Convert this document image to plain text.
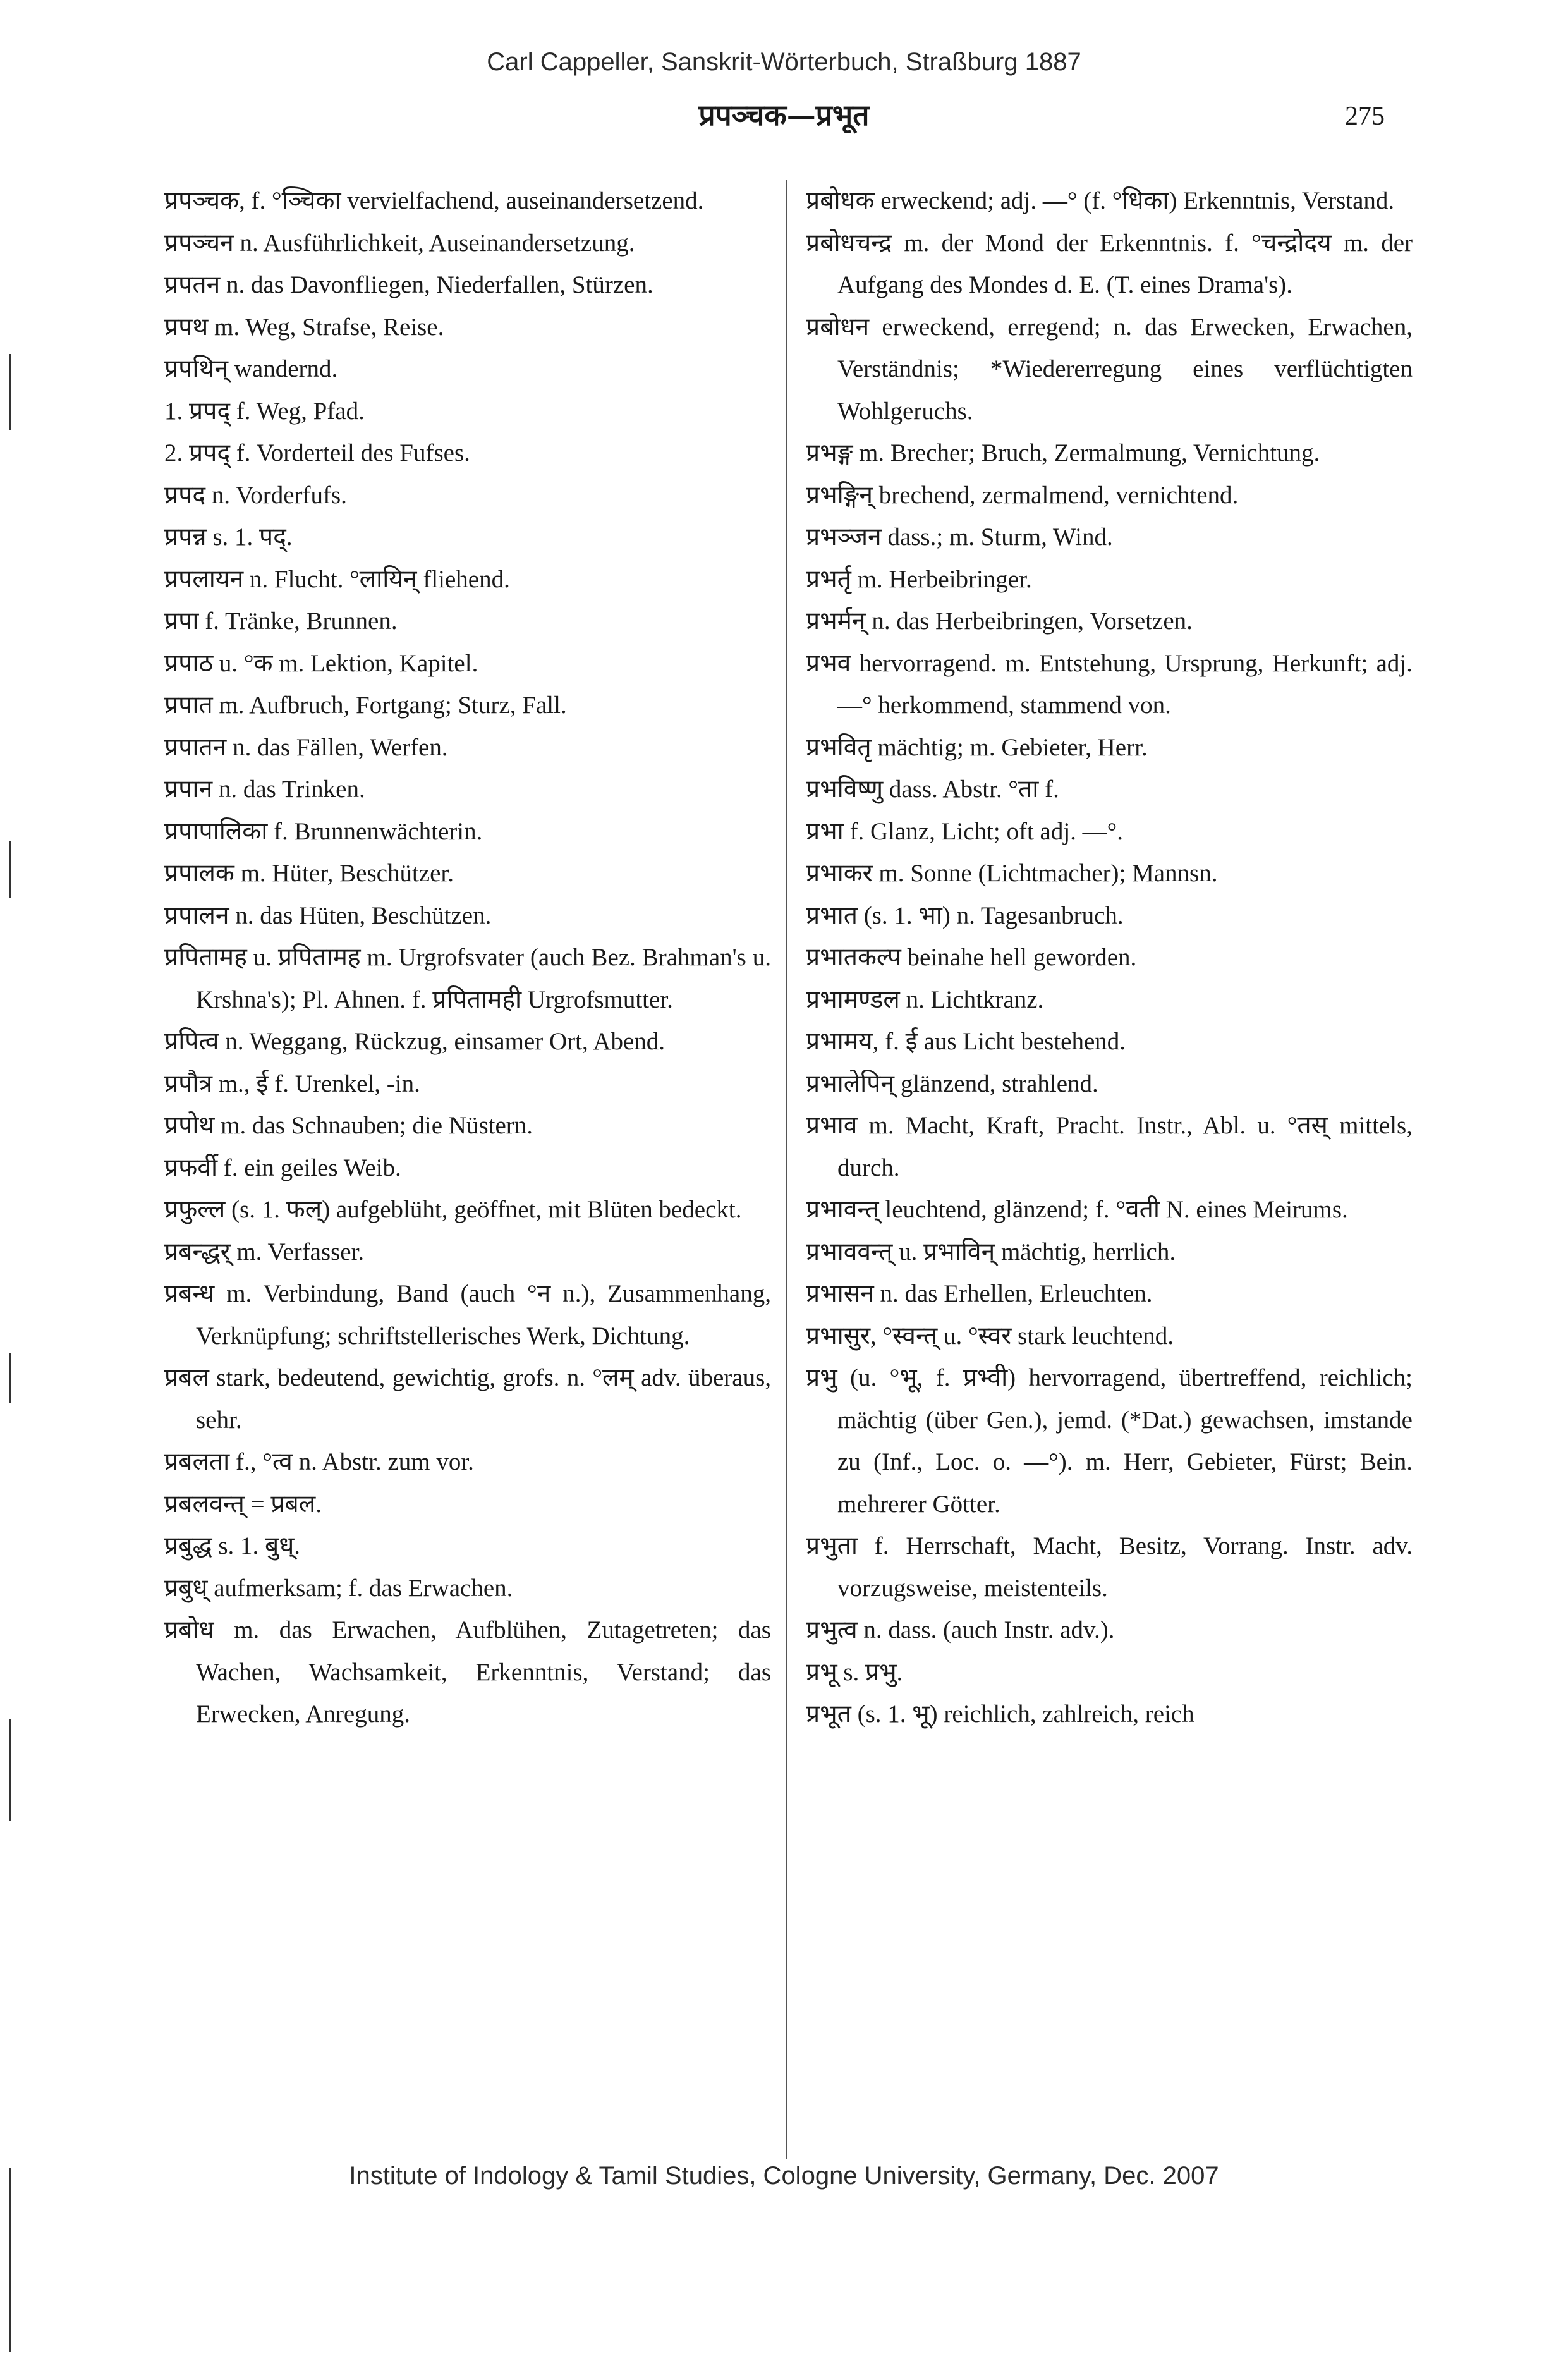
Carl Cappeller, Sanskrit-Wörterbuch, Straßburg 1887
प्रपञ्चक—प्रभूत	275

प्रपञ्चक, f. °ञ्चिका vervielfachend, auseinandersetzend.

प्रपञ्चन n. Ausführlichkeit, Auseinandersetzung.

प्रपतन n. das Davonfliegen, Niederfallen, Stürzen.

प्रपथ m. Weg, Strafse, Reise.

प्रपथिन् wandernd.

1. प्रपद् f. Weg, Pfad.

2. प्रपद् f. Vorderteil des Fufses.

प्रपद n. Vorderfufs.

प्रपन्न s. 1. पद्.

प्रपलायन n. Flucht. °लायिन् fliehend.

प्रपा f. Tränke, Brunnen.

प्रपाठ u. °क m. Lektion, Kapitel.

प्रपात m. Aufbruch, Fortgang; Sturz, Fall.

प्रपातन n. das Fällen, Werfen.

प्रपान n. das Trinken.

प्रपापालिका f. Brunnenwächterin.

प्रपालक m. Hüter, Beschützer.

प्रपालन n. das Hüten, Beschützen.

प्रपितामह u. प्रपितामह m. Urgrofsvater (auch Bez. Brahman's u. Krshna's); Pl. Ahnen. f. प्रपितामही Urgrofsmutter.

प्रपित्व n. Weggang, Rückzug, einsamer Ort, Abend.

प्रपौत्र m., ई f. Urenkel, -in.

प्रपोथ m. das Schnauben; die Nüstern.

प्रफर्वी f. ein geiles Weib.

प्रफुल्ल (s. 1. फल्) aufgeblüht, geöffnet, mit Blüten bedeckt.

प्रबन्द्धर् m. Verfasser.

प्रबन्ध m. Verbindung, Band (auch °न n.), Zusammenhang, Verknüpfung; schriftstellerisches Werk, Dichtung.

प्रबल stark, bedeutend, gewichtig, grofs. n. °लम् adv. überaus, sehr.

प्रबलता f., °त्व n. Abstr. zum vor.

प्रबलवन्त् = प्रबल.

प्रबुद्ध s. 1. बुध्.

प्रबुध् aufmerksam; f. das Erwachen.

प्रबोध m. das Erwachen, Aufblühen, Zutagetreten; das Wachen, Wachsamkeit, Erkenntnis, Verstand; das Erwecken, Anregung.

प्रबोधक erweckend; adj. —° (f. °धिका) Erkenntnis, Verstand.

प्रबोधचन्द्र m. der Mond der Erkenntnis. f. °चन्द्रोदय m. der Aufgang des Mondes d. E. (T. eines Drama's).

प्रबोधन erweckend, erregend; n. das Erwecken, Erwachen, Verständnis; *Wiedererregung eines verflüchtigten Wohlgeruchs.

प्रभङ्ग m. Brecher; Bruch, Zermalmung, Vernichtung.

प्रभङ्गिन् brechend, zermalmend, vernichtend.

प्रभञ्जन dass.; m. Sturm, Wind.

प्रभर्तृ m. Herbeibringer.

प्रभर्मन् n. das Herbeibringen, Vorsetzen.

प्रभव hervorragend. m. Entstehung, Ursprung, Herkunft; adj.—° herkommend, stammend von.

प्रभवितृ mächtig; m. Gebieter, Herr.

प्रभविष्णु dass. Abstr. °ता f.

प्रभा f. Glanz, Licht; oft adj. —°.

प्रभाकर m. Sonne (Lichtmacher); Mannsn.

प्रभात (s. 1. भा) n. Tagesanbruch.

प्रभातकल्प beinahe hell geworden.

प्रभामण्डल n. Lichtkranz.

प्रभामय, f. ई aus Licht bestehend.

प्रभालेपिन् glänzend, strahlend.

प्रभाव m. Macht, Kraft, Pracht. Instr., Abl. u. °तस् mittels, durch.

प्रभावन्त् leuchtend, glänzend; f. °वती N. eines Meirums.

प्रभाववन्त् u. प्रभाविन् mächtig, herrlich.

प्रभासन n. das Erhellen, Erleuchten.

प्रभासुर, °स्वन्त् u. °स्वर stark leuchtend.

प्रभु (u. °भू, f. प्रभ्वी) hervorragend, übertreffend, reichlich; mächtig (über Gen.), jemd. (*Dat.) gewachsen, imstande zu (Inf., Loc. o. —°). m. Herr, Gebieter, Fürst; Bein. mehrerer Götter.

प्रभुता f. Herrschaft, Macht, Besitz, Vorrang. Instr. adv. vorzugsweise, meistenteils.

प्रभुत्व n. dass. (auch Instr. adv.).

प्रभू s. प्रभु.

प्रभूत (s. 1. भू) reichlich, zahlreich, reich

Institute of Indology & Tamil Studies, Cologne University, Germany, Dec. 2007
